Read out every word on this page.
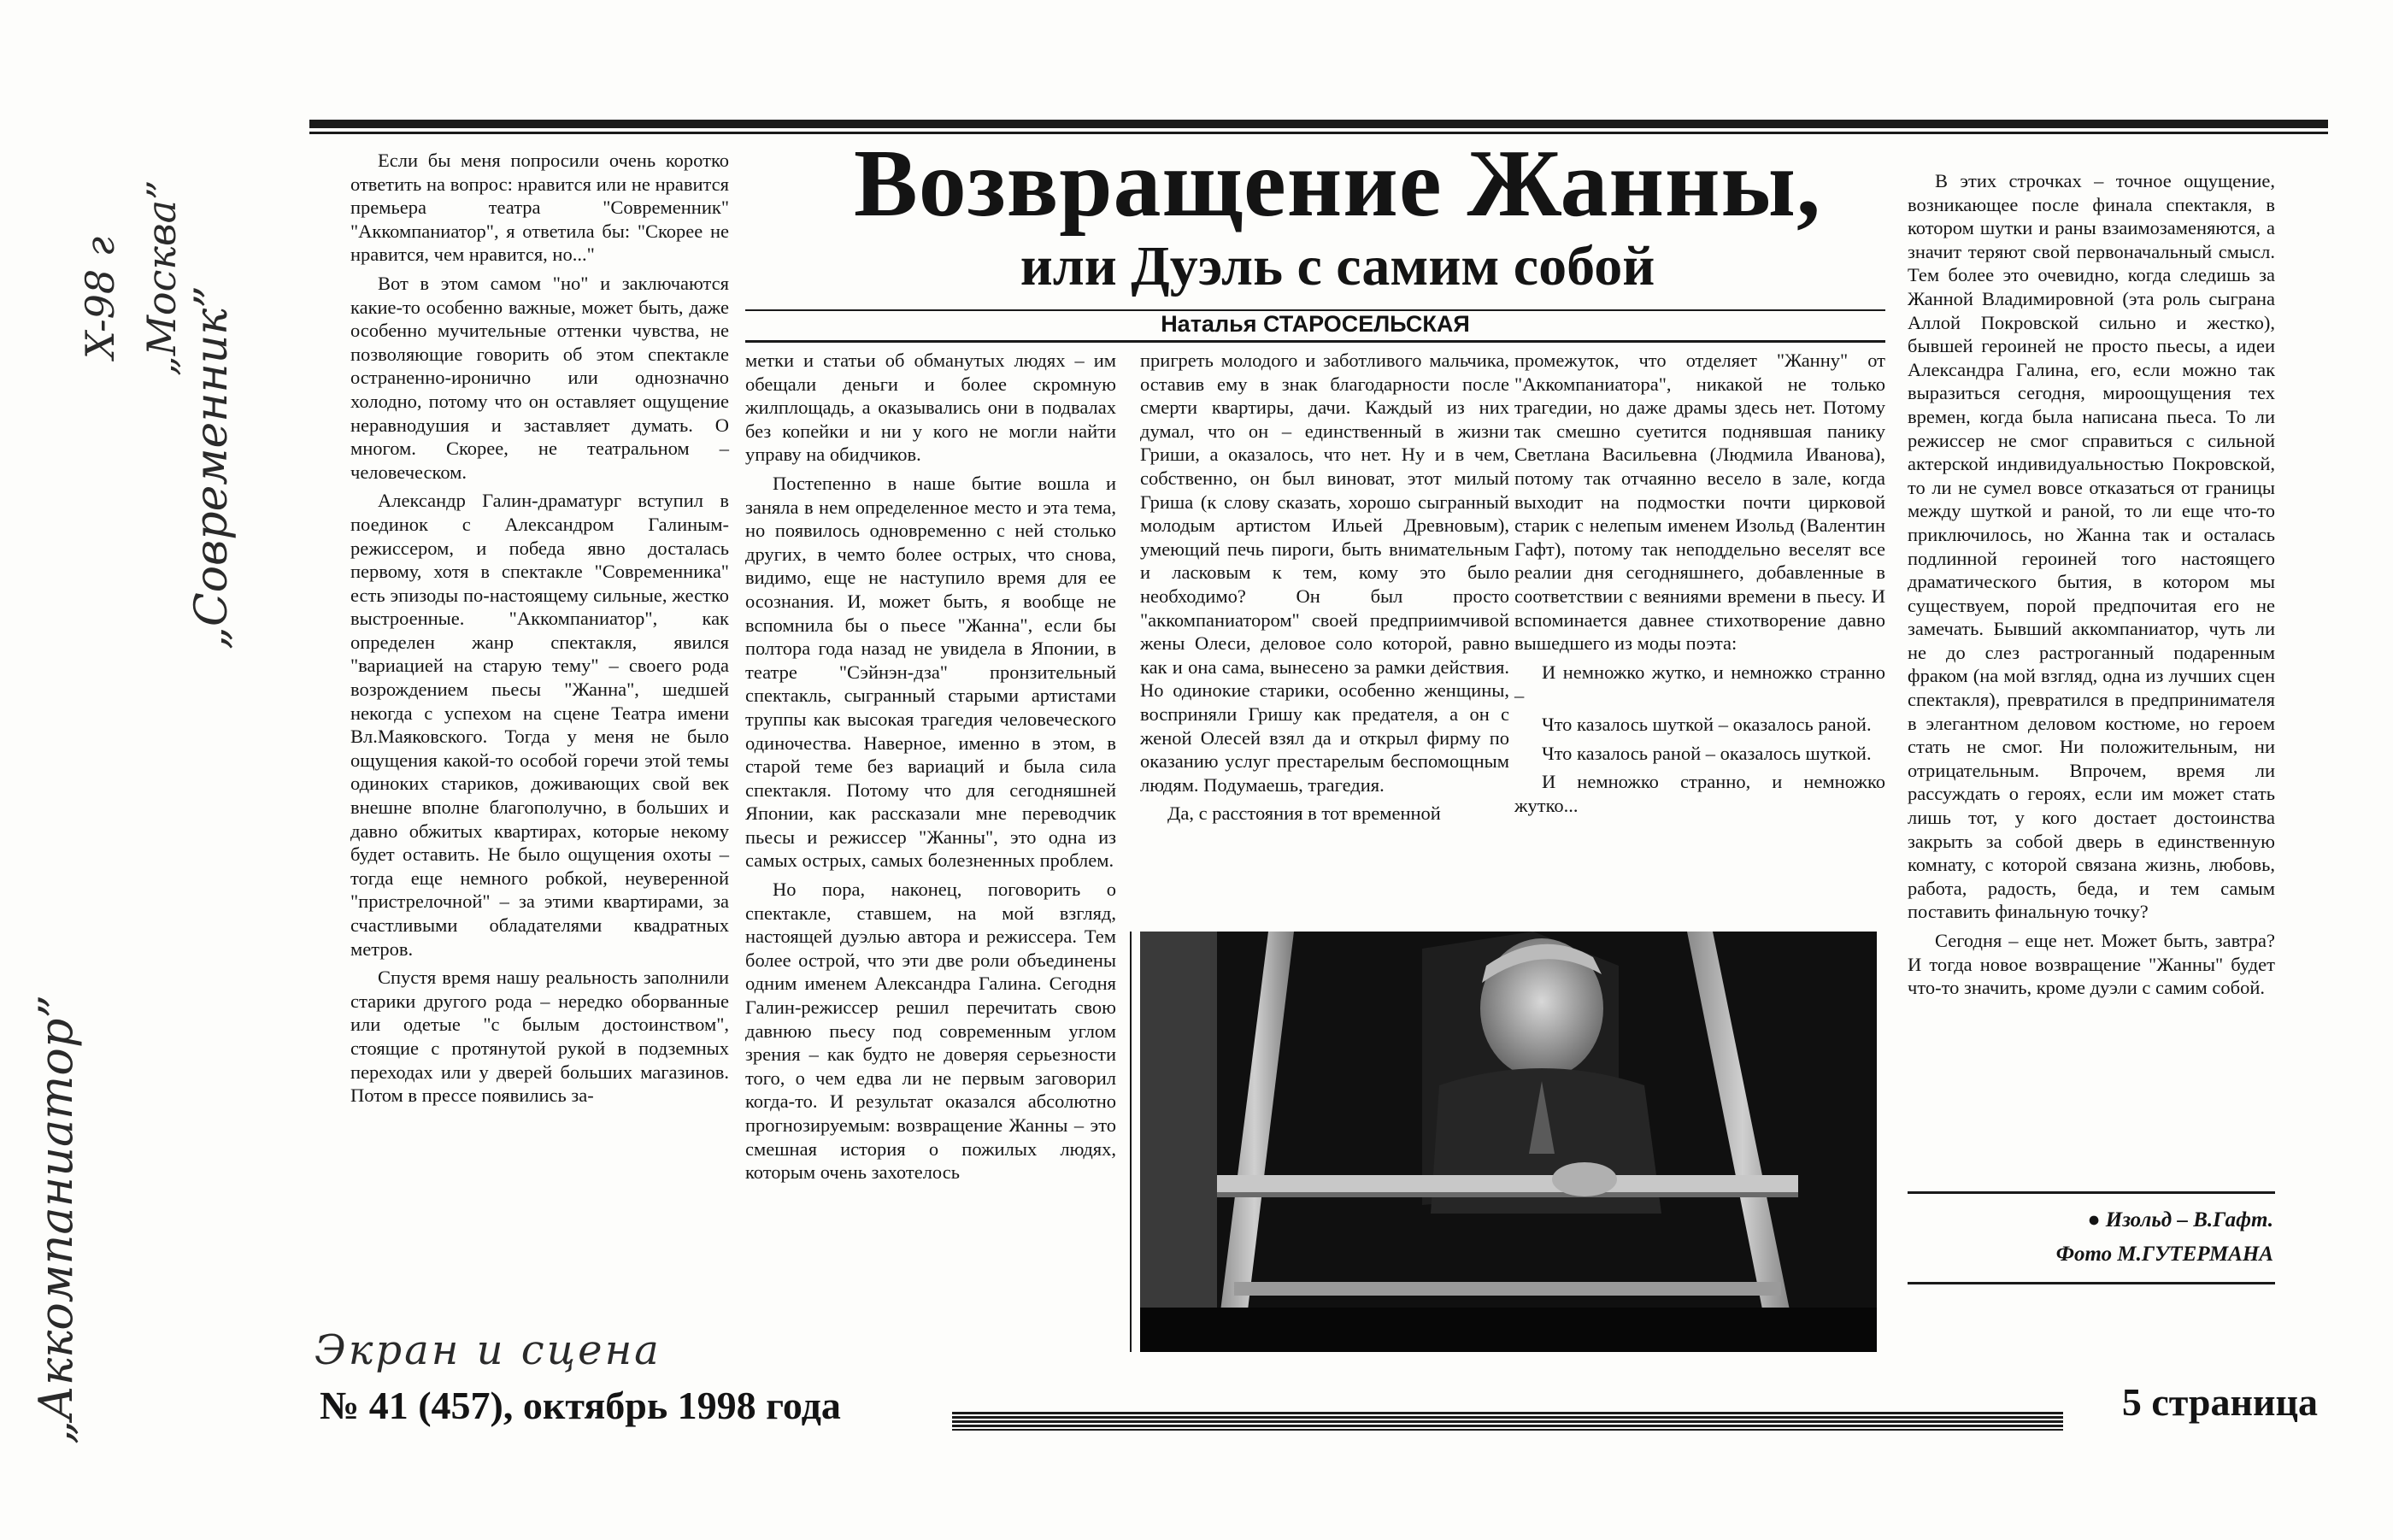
X-98 г „Москва”
„Современник”
„Аккомпаниатор”	Экран и сцена
Возвращение Жанны,
или Дуэль с самим собой
Наталья СТАРОСЕЛЬСКАЯ

Если бы меня попросили очень коротко ответить на вопрос: нравится или не нравится премьера театра "Современник" "Аккомпаниатор", я ответила бы: "Скорее не нравится, чем нравится, но..."

Вот в этом самом "но" и заключаются какие-то особенно важные, может быть, даже особенно мучительные оттенки чувства, не позволяющие говорить об этом спектакле остраненно-иронично или однозначно холодно, потому что он оставляет ощущение неравнодушия и заставляет думать. О многом. Скорее, не театральном – человеческом.

Александр Галин-драматург вступил в поединок с Александром Галиным-режиссером, и победа явно досталась первому, хотя в спектакле "Современника" есть эпизоды по-настоящему сильные, жестко выстроенные. "Аккомпаниатор", как определен жанр спектакля, явился "вариацией на старую тему" – своего рода возрождением пьесы "Жанна", шедшей некогда с успехом на сцене Театра имени Вл.Маяковского. Тогда у меня не было ощущения какой-то особой горечи этой темы одиноких стариков, доживающих свой век внешне вполне благополучно, в больших и давно обжитых квартирах, которые некому будет оставить. Не было ощущения охоты – тогда еще немного робкой, неуверенной "пристрелочной" – за этими квартирами, за счастливыми обладателями квадратных метров.

Спустя время нашу реальность заполнили старики другого рода – нередко оборванные или одетые "с былым достоинством", стоящие с протянутой рукой в подземных переходах или у дверей больших магазинов. Потом в прессе появились за-

метки и статьи об обманутых людях – им обещали деньги и более скромную жилплощадь, а оказывались они в подвалах без копейки и ни у кого не могли найти управу на обидчиков.

Постепенно в наше бытие вошла и заняла в нем определенное место и эта тема, но появилось одновременно с ней столько других, в чемто более острых, что снова, видимо, еще не наступило время для ее осознания. И, может быть, я вообще не вспомнила бы о пьесе "Жанна", если бы полтора года назад не увидела в Японии, в театре "Сэйнэн-дза" пронзительный спектакль, сыгранный старыми артистами труппы как высокая трагедия человеческого одиночества. Наверное, именно в этом, в старой теме без вариаций и была сила спектакля. Потому что для сегодняшней Японии, как рассказали мне переводчик пьесы и режиссер "Жанны", это одна из самых острых, самых болезненных проблем.

Но пора, наконец, поговорить о спектакле, ставшем, на мой взгляд, настоящей дуэлью автора и режиссера. Тем более острой, что эти две роли объединены одним именем Александра Галина. Сегодня Галин-режиссер решил перечитать свою давнюю пьесу под современным углом зрения – как будто не доверяя серьезности того, о чем едва ли не первым заговорил когда-то. И результат оказался абсолютно прогнозируемым: возвращение Жанны – это смешная история о пожилых людях, которым очень захотелось

пригреть молодого и заботливого мальчика, оставив ему в знак благодарности после смерти квартиры, дачи. Каждый из них думал, что он – единственный в жизни Гриши, а оказалось, что нет. Ну и в чем, собственно, он был виноват, этот милый Гриша (к слову сказать, хорошо сыгранный молодым артистом Ильей Древновым), умеющий печь пироги, быть внимательным и ласковым к тем, кому это было необходимо? Он был просто "аккомпаниатором" своей предприимчивой жены Олеси, деловое соло которой, равно как и она сама, вынесено за рамки действия. Но одинокие старики, особенно женщины, восприняли Гришу как предателя, а он с женой Олесей взял да и открыл фирму по оказанию услуг престарелым беспомощным людям. Подумаешь, трагедия.

Да, с расстояния в тот временной

промежуток, что отделяет "Жанну" от "Аккомпаниатора", никакой не только трагедии, но даже драмы здесь нет. Потому так смешно суетится поднявшая панику Светлана Васильевна (Людмила Иванова), потому так отчаянно весело в зале, когда выходит на подмостки почти цирковой старик с нелепым именем Изольд (Валентин Гафт), потому так неподдельно веселят все реалии дня сегодняшнего, добавленные в соответствии с веяниями времени в пьесу. И вспоминается давнее стихотворение давно вышедшего из моды поэта:

И немножко жутко, и немножко странно –

Что казалось шуткой – оказалось раной.

Что казалось раной – оказалось шуткой.

И немножко странно, и немножко жутко...

В этих строчках – точное ощущение, возникающее после финала спектакля, в котором шутки и раны взаимозаменяются, а значит теряют свой первоначальный смысл. Тем более это очевидно, когда следишь за Жанной Владимировной (эта роль сыграна Аллой Покровской сильно и жестко), бывшей героиней не просто пьесы, а идеи Александра Галина, его, если можно так выразиться сегодня, мироощущения тех времен, когда была написана пьеса. То ли режиссер не смог справиться с сильной актерской индивидуальностью Покровской, то ли не сумел вовсе отказаться от границы между шуткой и раной, то ли еще что-то приключилось, но Жанна так и осталась подлинной героиней того настоящего драматического бытия, в котором мы существуем, порой предпочитая его не замечать. Бывший аккомпаниатор, чуть ли не до слез растроганный подаренным фраком (на мой взгляд, одна из лучших сцен спектакля), превратился в предпринимателя в элегантном деловом костюме, но героем стать не смог. Ни положительным, ни отрицательным. Впрочем, время ли рассуждать о героях, если им может стать лишь тот, у кого достает достоинства закрыть за собой дверь в единственную комнату, с которой связана жизнь, любовь, работа, радость, беда, и тем самым поставить финальную точку?

Сегодня – еще нет. Может быть, завтра? И тогда новое возвращение "Жанны" будет что-то значить, кроме дуэли с самим собой.

● Изольд – В.Гафт.
Фото М.ГУТЕРМАНА
№ 41 (457), октябрь 1998 года	5 страница
